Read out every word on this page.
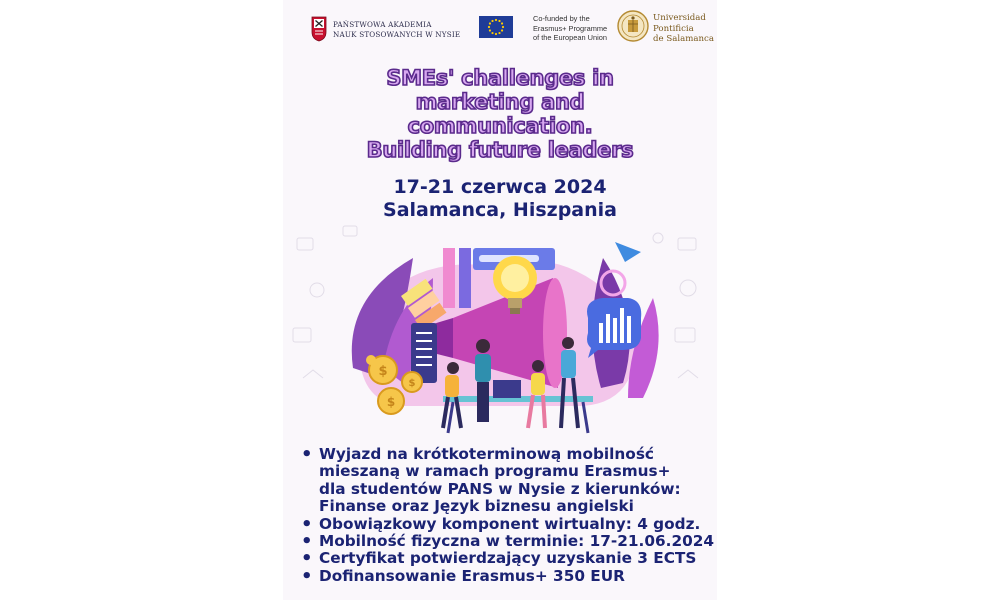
PAŃSTWOWA AKADEMIA
NAUK STOSOWANYCH W NYSIE
Co-funded by the
Erasmus+ Programme
of the European Union
Universidad
Pontificia
de Salamanca
SMEs' challenges in
marketing and
communication.
Building future leaders
17-21 czerwca 2024
Salamanca, Hiszpania
$
$
$
• Wyjazd na krótkoterminową mobilność
mieszaną w ramach programu Erasmus+
dla studentów PANS w Nysie z kierunków:
Finanse oraz Język biznesu angielski
• Obowiązkowy komponent wirtualny: 4 godz.
• Mobilność fizyczna w terminie: 17-21.06.2024
• Certyfikat potwierdzający uzyskanie 3 ECTS
• Dofinansowanie Erasmus+ 350 EUR
